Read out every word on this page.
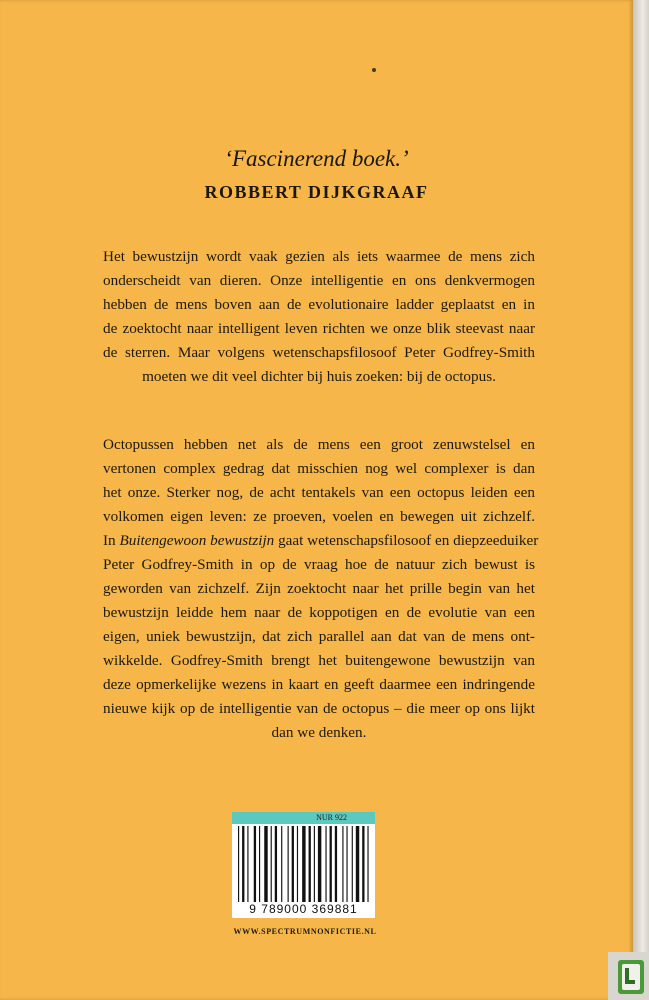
‘Fascinerend boek.’
ROBBERT DIJKGRAAF
Het bewustzijn wordt vaak gezien als iets waarmee de mens zich
onderscheidt van dieren. Onze intelligentie en ons denkvermogen
hebben de mens boven aan de evolutionaire ladder geplaatst en in
de zoektocht naar intelligent leven richten we onze blik steevast naar
de sterren. Maar volgens wetenschapsfilosoof Peter Godfrey-Smith
moeten we dit veel dichter bij huis zoeken: bij de octopus.
Octopussen hebben net als de mens een groot zenuwstelsel en
vertonen complex gedrag dat misschien nog wel complexer is dan
het onze. Sterker nog, de acht tentakels van een octopus leiden een
volkomen eigen leven: ze proeven, voelen en bewegen uit zichzelf.
In Buitengewoon bewustzijn gaat wetenschapsfilosoof en diepzeeduiker
Peter Godfrey-Smith in op de vraag hoe de natuur zich bewust is
geworden van zichzelf. Zijn zoektocht naar het prille begin van het
bewustzijn leidde hem naar de koppotigen en de evolutie van een
eigen, uniek bewustzijn, dat zich parallel aan dat van de mens ont-
wikkelde. Godfrey-Smith brengt het buitengewone bewustzijn van
deze opmerkelijke wezens in kaart en geeft daarmee een indringende
nieuwe kijk op de intelligentie van de octopus – die meer op ons lijkt
dan we denken.
NUR 922
9 789000 369881
WWW.SPECTRUMNONFICTIE.NL
